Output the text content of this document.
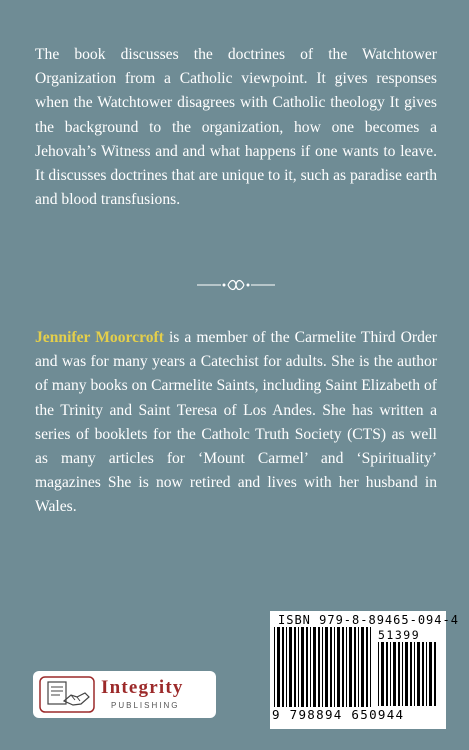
The book discusses the doctrines of the Watchtower Organization from a Catholic viewpoint. It gives responses when the Watchtower disagrees with Catholic theology It gives the background to the organization, how one becomes a Jehovah’s Witness and and what happens if one wants to leave. It discusses doctrines that are unique to it, such as paradise earth and blood transfusions.

Jennifer Moorcroft is a member of the Carmelite Third Order and was for many years a Catechist for adults. She is the author of many books on Carmelite Saints, including Saint Elizabeth of the Trinity and Saint Teresa of Los Andes. She has written a series of booklets for the Catholc Truth Society (CTS) as well as many articles for ‘Mount Carmel’ and ‘Spirituality’ magazines She is now retired and lives with her husband in Wales.

ISBN 979-8-89465-094-4
51399
9 798894 650944
Integrity
PUBLISHING
